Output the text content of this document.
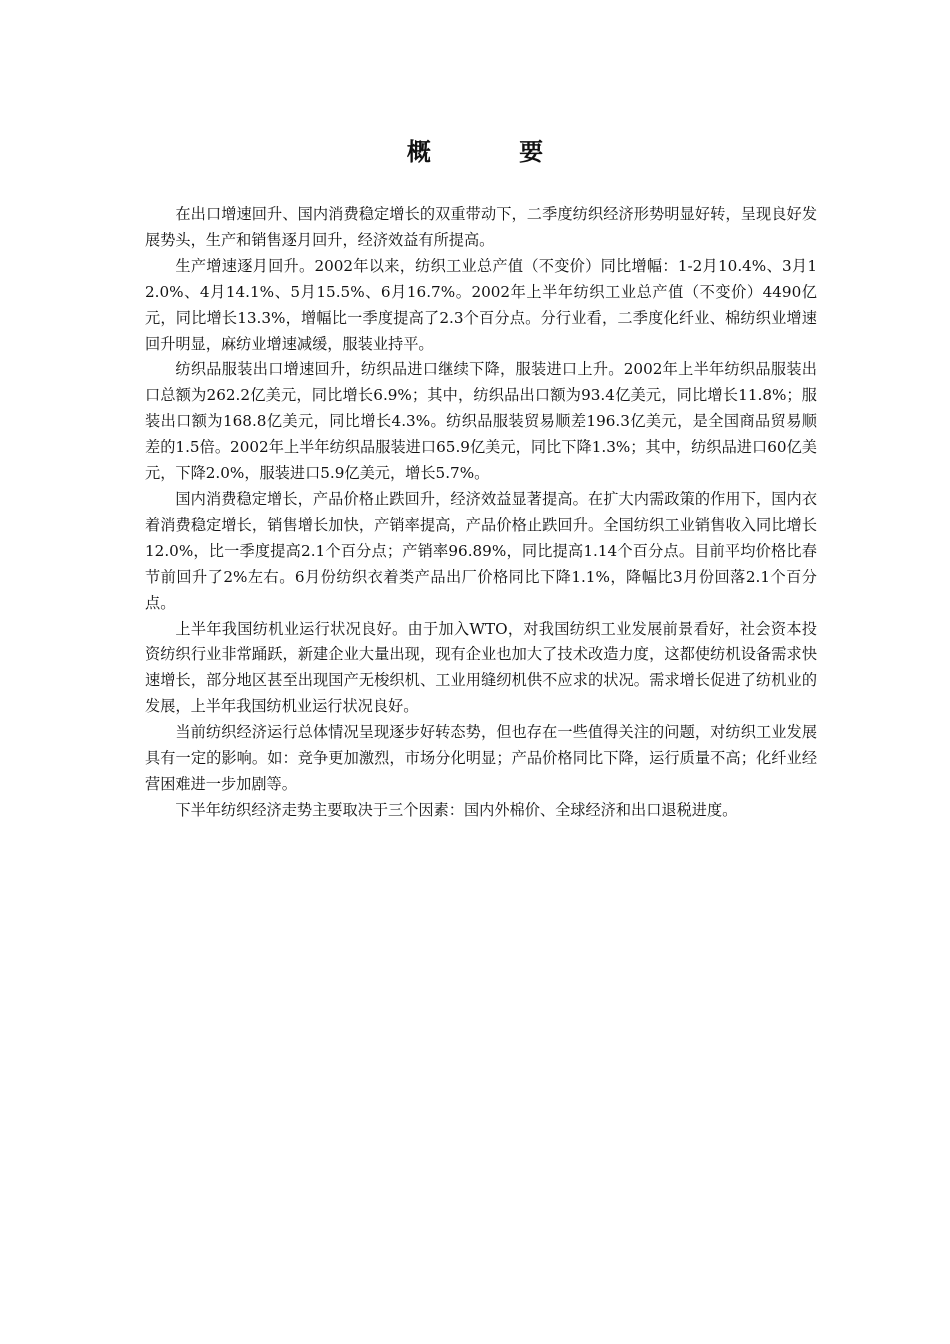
概 要

在出口增速回升、国内消费稳定增长的双重带动下，二季度纺织经济形势明显好转，呈现良好发展势头，生产和销售逐月回升，经济效益有所提高。

生产增速逐月回升。2002年以来，纺织工业总产值（不变价）同比增幅：1-2月10.4%、3月12.0%、4月14.1%、5月15.5%、6月16.7%。2002年上半年纺织工业总产值（不变价）4490亿元，同比增长13.3%，增幅比一季度提高了2.3个百分点。分行业看，二季度化纤业、棉纺织业增速回升明显，麻纺业增速减缓，服装业持平。

纺织品服装出口增速回升，纺织品进口继续下降，服装进口上升。2002年上半年纺织品服装出口总额为262.2亿美元，同比增长6.9%；其中，纺织品出口额为93.4亿美元，同比增长11.8%；服装出口额为168.8亿美元，同比增长4.3%。纺织品服装贸易顺差196.3亿美元，是全国商品贸易顺差的1.5倍。2002年上半年纺织品服装进口65.9亿美元，同比下降1.3%；其中，纺织品进口60亿美元，下降2.0%，服装进口5.9亿美元，增长5.7%。

国内消费稳定增长，产品价格止跌回升，经济效益显著提高。在扩大内需政策的作用下，国内衣着消费稳定增长，销售增长加快，产销率提高，产品价格止跌回升。全国纺织工业销售收入同比增长12.0%，比一季度提高2.1个百分点；产销率96.89%，同比提高1.14个百分点。目前平均价格比春节前回升了2%左右。6月份纺织衣着类产品出厂价格同比下降1.1%，降幅比3月份回落2.1个百分点。

上半年我国纺机业运行状况良好。由于加入WTO，对我国纺织工业发展前景看好，社会资本投资纺织行业非常踊跃，新建企业大量出现，现有企业也加大了技术改造力度，这都使纺机设备需求快速增长，部分地区甚至出现国产无梭织机、工业用缝纫机供不应求的状况。需求增长促进了纺机业的发展，上半年我国纺机业运行状况良好。

当前纺织经济运行总体情况呈现逐步好转态势，但也存在一些值得关注的问题，对纺织工业发展具有一定的影响。如：竞争更加激烈，市场分化明显；产品价格同比下降，运行质量不高；化纤业经营困难进一步加剧等。

下半年纺织经济走势主要取决于三个因素：国内外棉价、全球经济和出口退税进度。
